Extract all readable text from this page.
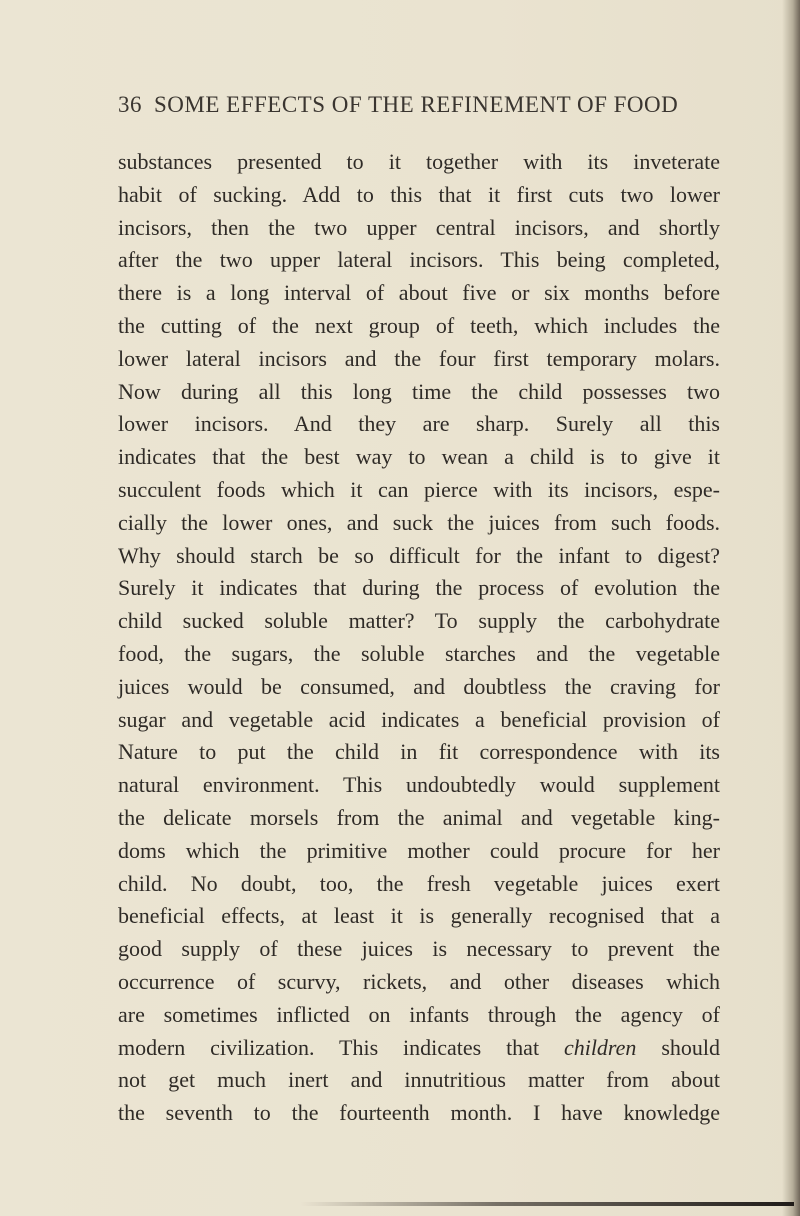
36 SOME EFFECTS OF THE REFINEMENT OF FOOD
substances presented to it together with its inveterate
habit of sucking. Add to this that it first cuts two lower
incisors, then the two upper central incisors, and shortly
after the two upper lateral incisors. This being completed,
there is a long interval of about five or six months before
the cutting of the next group of teeth, which includes the
lower lateral incisors and the four first temporary molars.
Now during all this long time the child possesses two
lower incisors. And they are sharp. Surely all this
indicates that the best way to wean a child is to give it
succulent foods which it can pierce with its incisors, espe-
cially the lower ones, and suck the juices from such foods.
Why should starch be so difficult for the infant to digest?
Surely it indicates that during the process of evolution the
child sucked soluble matter? To supply the carbohydrate
food, the sugars, the soluble starches and the vegetable
juices would be consumed, and doubtless the craving for
sugar and vegetable acid indicates a beneficial provision of
Nature to put the child in fit correspondence with its
natural environment. This undoubtedly would supplement
the delicate morsels from the animal and vegetable king-
doms which the primitive mother could procure for her
child. No doubt, too, the fresh vegetable juices exert
beneficial effects, at least it is generally recognised that a
good supply of these juices is necessary to prevent the
occurrence of scurvy, rickets, and other diseases which
are sometimes inflicted on infants through the agency of
modern civilization. This indicates that children should
not get much inert and innutritious matter from about
the seventh to the fourteenth month. I have knowledge
